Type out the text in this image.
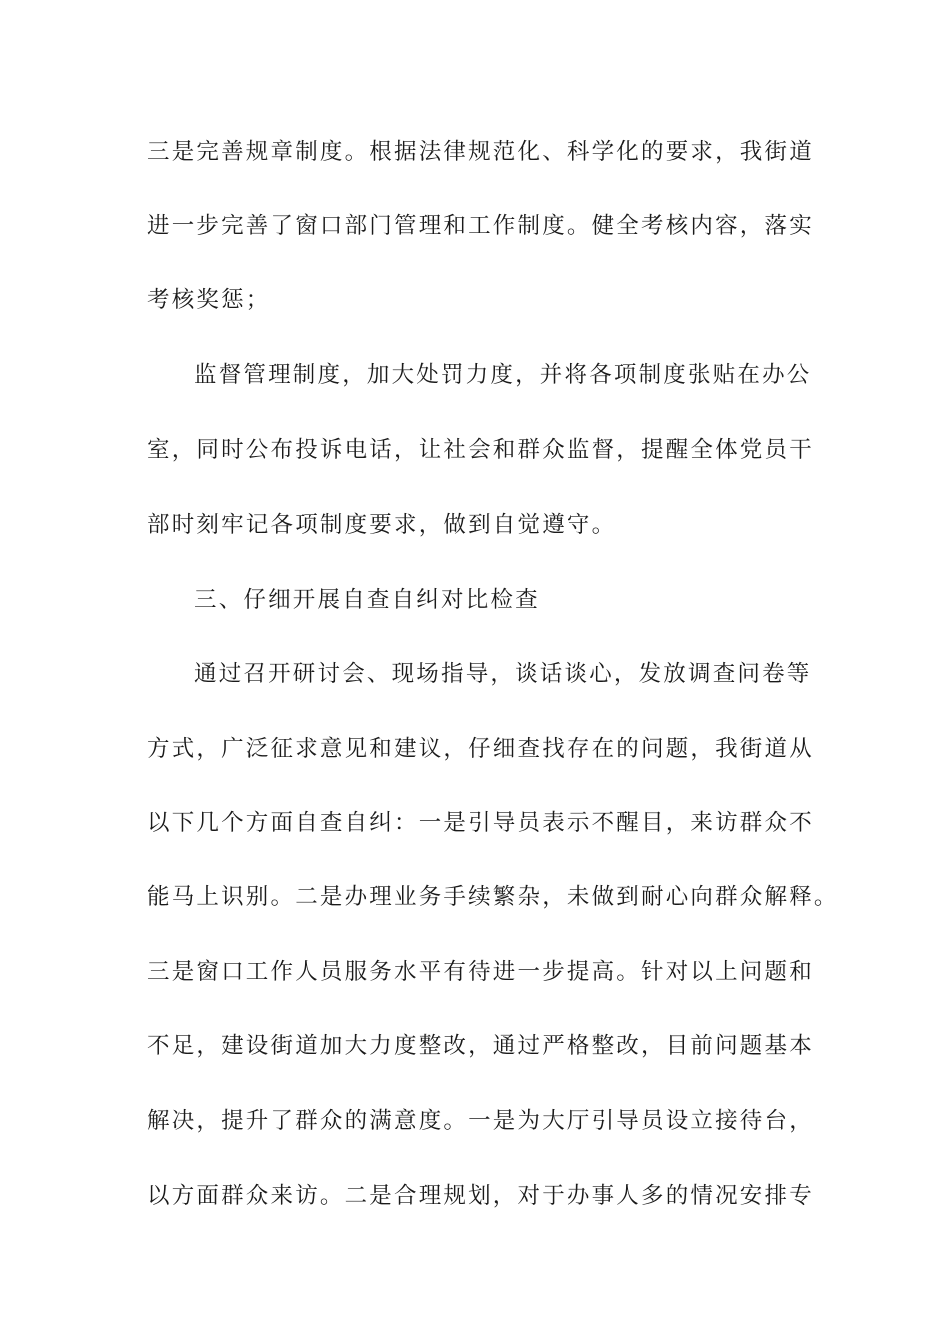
三是完善规章制度。根据法律规范化、科学化的要求，我街道
进一步完善了窗口部门管理和工作制度。健全考核内容，落实
考核奖惩；
监督管理制度，加大处罚力度，并将各项制度张贴在办公
室，同时公布投诉电话，让社会和群众监督，提醒全体党员干
部时刻牢记各项制度要求，做到自觉遵守。
三、仔细开展自查自纠对比检查
通过召开研讨会、现场指导，谈话谈心，发放调查问卷等
方式，广泛征求意见和建议，仔细查找存在的问题，我街道从
以下几个方面自查自纠：一是引导员表示不醒目，来访群众不
能马上识别。二是办理业务手续繁杂，未做到耐心向群众解释。
三是窗口工作人员服务水平有待进一步提高。针对以上问题和
不足，建设街道加大力度整改，通过严格整改，目前问题基本
解决，提升了群众的满意度。一是为大厅引导员设立接待台，
以方面群众来访。二是合理规划，对于办事人多的情况安排专
